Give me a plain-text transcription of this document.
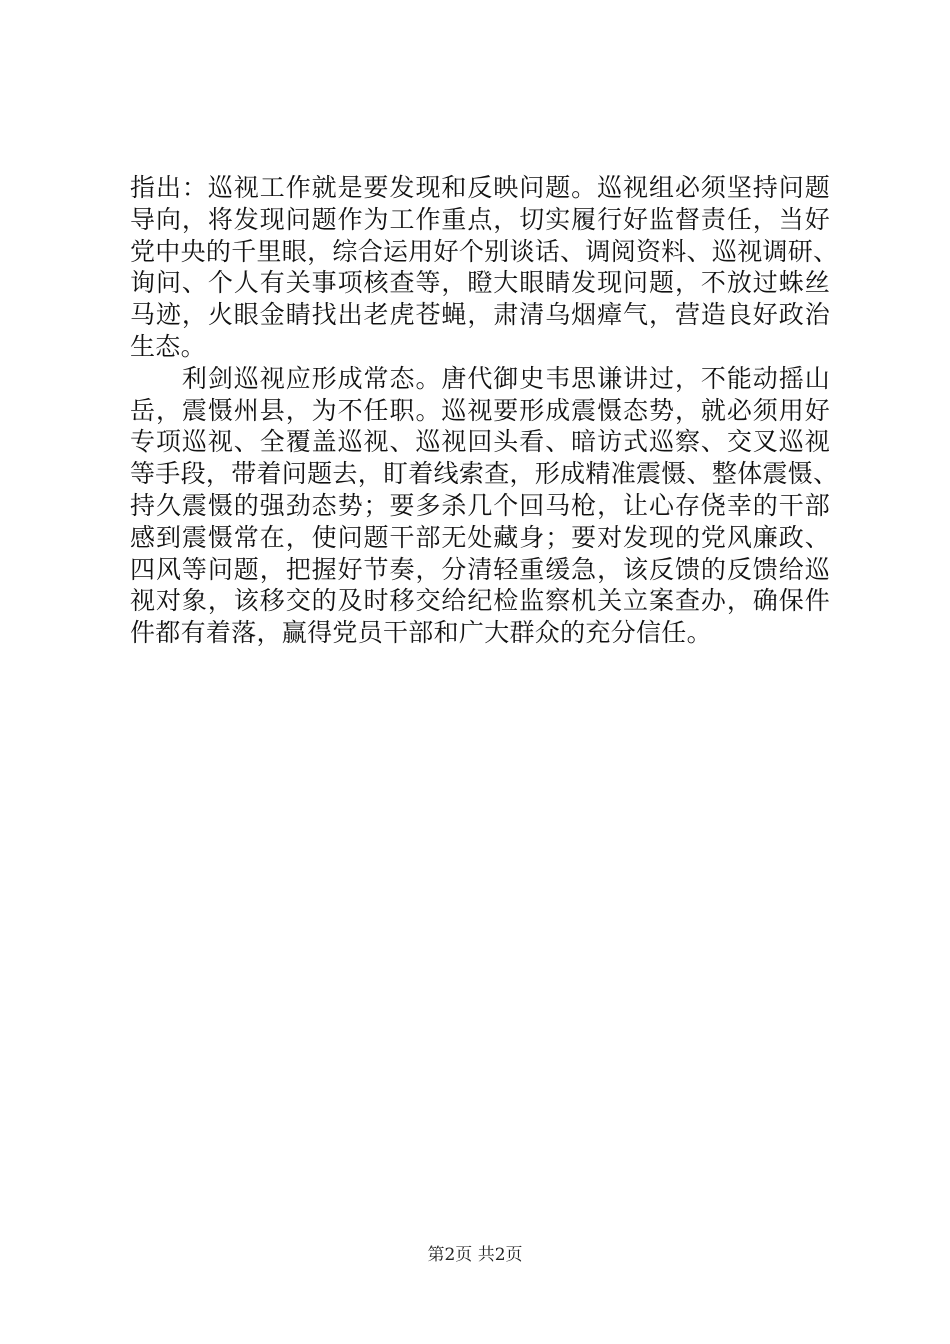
指出：巡视工作就是要发现和反映问题。巡视组必须坚持问题
导向，将发现问题作为工作重点，切实履行好监督责任，当好
党中央的千里眼，综合运用好个别谈话、调阅资料、巡视调研、
询问、个人有关事项核查等，瞪大眼睛发现问题，不放过蛛丝
马迹，火眼金睛找出老虎苍蝇，肃清乌烟瘴气，营造良好政治
生态。
　　利剑巡视应形成常态。唐代御史韦思谦讲过，不能动摇山
岳，震慑州县，为不任职。巡视要形成震慑态势，就必须用好
专项巡视、全覆盖巡视、巡视回头看、暗访式巡察、交叉巡视
等手段，带着问题去，盯着线索查，形成精准震慑、整体震慑、
持久震慑的强劲态势；要多杀几个回马枪，让心存侥幸的干部
感到震慑常在，使问题干部无处藏身；要对发现的党风廉政、
四风等问题，把握好节奏，分清轻重缓急，该反馈的反馈给巡
视对象，该移交的及时移交给纪检监察机关立案查办，确保件
件都有着落，赢得党员干部和广大群众的充分信任。
第2页 共2页
